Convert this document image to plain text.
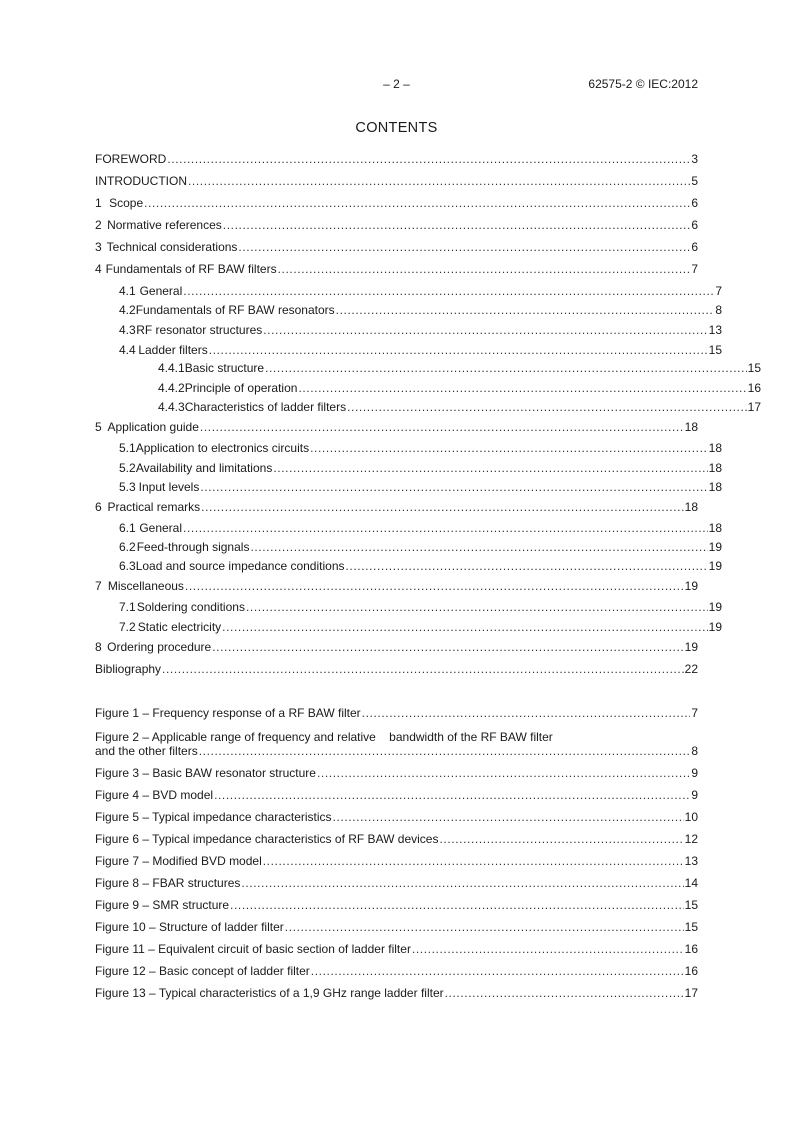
– 2 –	62575-2 © IEC:2012
CONTENTS
FOREWORD .....	3
INTRODUCTION .....	5
1 Scope .....	6
2 Normative references .....	6
3 Technical considerations .....	6
4 Fundamentals of RF BAW filters .....	7
4.1 General .....	7
4.2 Fundamentals of RF BAW resonators .....	8
4.3 RF resonator structures .....	13
4.4 Ladder filters .....	15
4.4.1 Basic structure .....	15
4.4.2 Principle of operation .....	16
4.4.3 Characteristics of ladder filters .....	17
5 Application guide .....	18
5.1 Application to electronics circuits .....	18
5.2 Availability and limitations .....	18
5.3 Input levels .....	18
6 Practical remarks .....	18
6.1 General .....	18
6.2 Feed-through signals .....	19
6.3 Load and source impedance conditions .....	19
7 Miscellaneous .....	19
7.1 Soldering conditions .....	19
7.2 Static electricity .....	19
8 Ordering procedure .....	19
Bibliography .....	22
Figure 1 – Frequency response of a RF BAW filter .....	7
Figure 2 – Applicable range of frequency and relative    bandwidth of the RF BAW filter
and the other filters .....	8
Figure 3 – Basic BAW resonator structure .....	9
Figure 4 – BVD model .....	9
Figure 5 – Typical impedance characteristics .....	10
Figure 6 – Typical impedance characteristics of RF BAW devices .....	12
Figure 7 – Modified BVD model .....	13
Figure 8 – FBAR structures .....	14
Figure 9 – SMR structure .....	15
Figure 10 – Structure of ladder filter .....	15
Figure 11 – Equivalent circuit of basic section of ladder filter .....	16
Figure 12 – Basic concept of ladder filter .....	16
Figure 13 – Typical characteristics of a 1,9 GHz range ladder filter .....	17
